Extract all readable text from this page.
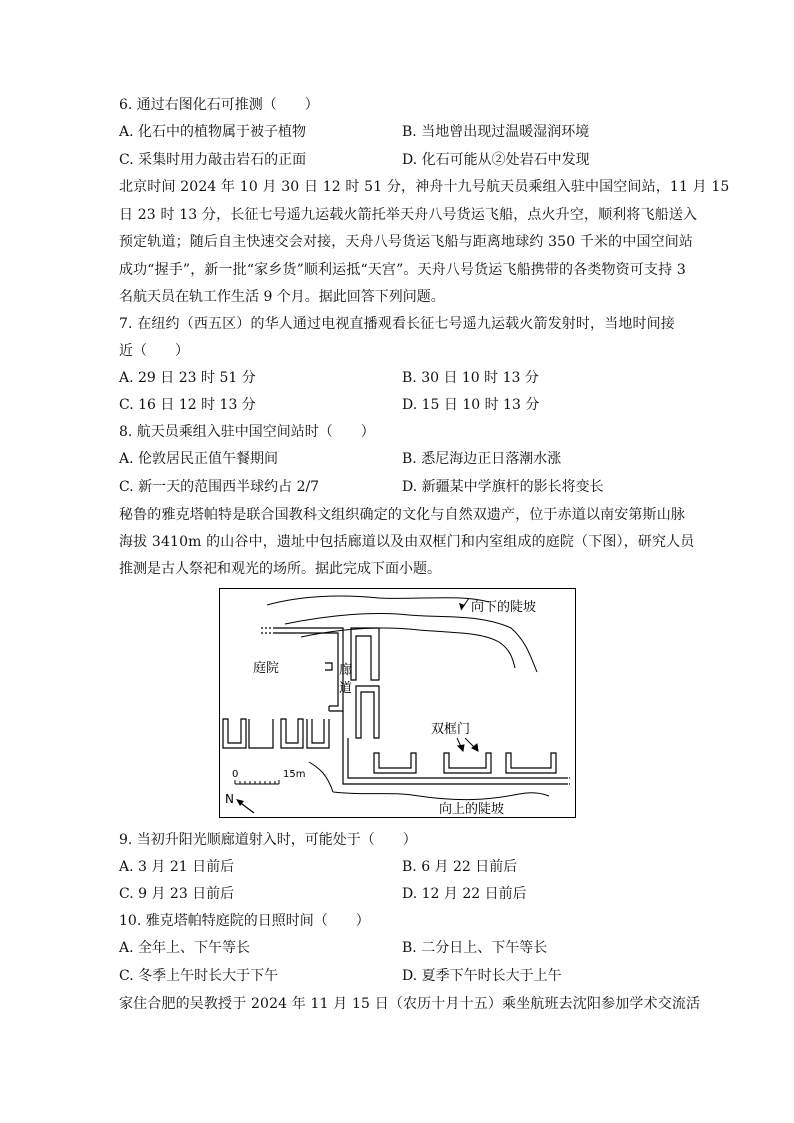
6. 通过右图化石可推测（　　）
A. 化石中的植物属于被子植物	B. 当地曾出现过温暖湿润环境
C. 采集时用力敲击岩石的正面	D. 化石可能从②处岩石中发现
北京时间 2024 年 10 月 30 日 12 时 51 分，神舟十九号航天员乘组入驻中国空间站，11 月 15
日 23 时 13 分，长征七号遥九运载火箭托举天舟八号货运飞船，点火升空，顺利将飞船送入
预定轨道；随后自主快速交会对接，天舟八号货运飞船与距离地球约 350 千米的中国空间站
成功“握手”，新一批“家乡货”顺利运抵“天宫”。天舟八号货运飞船携带的各类物资可支持 3
名航天员在轨工作生活 9 个月。据此回答下列问题。
7. 在纽约（西五区）的华人通过电视直播观看长征七号遥九运载火箭发射时，当地时间接
近（　　）
A. 29 日 23 时 51 分	B. 30 日 10 时 13 分
C. 16 日 12 时 13 分	D. 15 日 10 时 13 分
8. 航天员乘组入驻中国空间站时（　　）
A. 伦敦居民正值午餐期间	B. 悉尼海边正日落潮水涨
C. 新一天的范围西半球约占 2/7	D. 新疆某中学旗杆的影长将变长
秘鲁的雅克塔帕特是联合国教科文组织确定的文化与自然双遗产，位于赤道以南安第斯山脉
海拔 3410m 的山谷中，遗址中包括廊道以及由双框门和内室组成的庭院（下图），研究人员
推测是古人祭祀和观光的场所。据此完成下面小题。
向下的陡坡
廊
道
庭院
双框门
向上的陡坡
0	15m
N
9. 当初升阳光顺廊道射入时，可能处于（　　）
A. 3 月 21 日前后	B. 6 月 22 日前后
C. 9 月 23 日前后	D. 12 月 22 日前后
10. 雅克塔帕特庭院的日照时间（　　）
A. 全年上、下午等长	B. 二分日上、下午等长
C. 冬季上午时长大于下午	D. 夏季下午时长大于上午
家住合肥的吴教授于 2024 年 11 月 15 日（农历十月十五）乘坐航班去沈阳参加学术交流活
